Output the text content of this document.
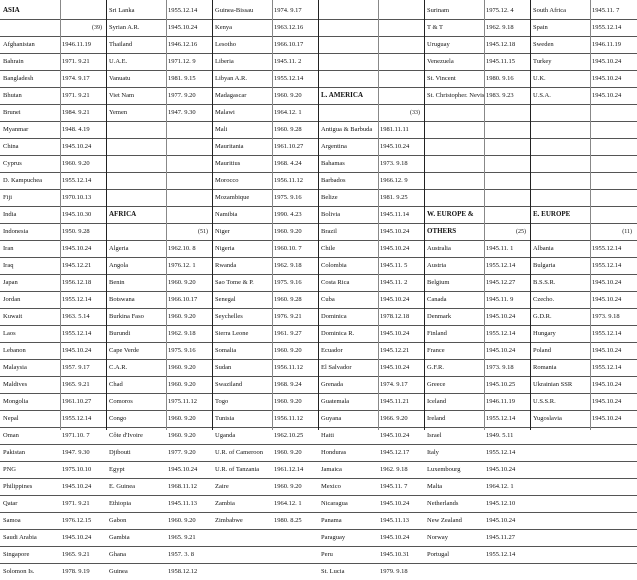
ASIA
(39)
Afghanistan	1946.11.19
Bahrain	1971. 9.21
Bangladesh	1974. 9.17
Bhutan	1971. 9.21
Brunei	1984. 9.21
Myanmar	1948. 4.19
China	1945.10.24
Cyprus	1960. 9.20
D. Kampuchea	1955.12.14
Fiji	1970.10.13
India	1945.10.30
Indonesia	1950. 9.28
Iran	1945.10.24
Iraq	1945.12.21
Japan	1956.12.18
Jordan	1955.12.14
Kuwait	1963. 5.14
Laos	1955.12.14
Lebanon	1945.10.24
Malaysia	1957. 9.17
Maldives	1965. 9.21
Mongolia	1961.10.27
Nepal	1955.12.14
Oman	1971.10. 7
Pakistan	1947. 9.30
PNG	1975.10.10
Philippines	1945.10.24
Qatar	1971. 9.21
Samoa	1976.12.15
Saudi Arabia	1945.10.24
Singapore	1965. 9.21
Solomon Is.	1978. 9.19
Sri Lanka	1955.12.14
Syrian A.R.	1945.10.24
Thailand	1946.12.16
U.A.E.	1971.12. 9
Vanuatu	1981. 9.15
Viet Nam	1977. 9.20
Yemen	1947. 9.30
AFRICA
(51)
Algeria	1962.10. 8
Angola	1976.12. 1
Benin	1960. 9.20
Botswana	1966.10.17
Burkina Faso	1960. 9.20
Burundi	1962. 9.18
Cape Verde	1975. 9.16
C.A.R.	1960. 9.20
Chad	1960. 9.20
Comoros	1975.11.12
Congo	1960. 9.20
Côte d'Ivoire	1960. 9.20
Djibouti	1977. 9.20
Egypt	1945.10.24
E. Guinea	1968.11.12
Ethiopia	1945.11.13
Gabon	1960. 9.20
Gambia	1965. 9.21
Ghana	1957. 3. 8
Guinea	1958.12.12
Guinea-Bissau	1974. 9.17
Kenya	1963.12.16
Lesotho	1966.10.17
Liberia	1945.11. 2
Libyan A.R.	1955.12.14
Madagascar	1960. 9.20
Malawi	1964.12. 1
Mali	1960. 9.28
Mauritania	1961.10.27
Mauritius	1968. 4.24
Morocco	1956.11.12
Mozambique	1975. 9.16
Namibia	1990. 4.23
Niger	1960. 9.20
Nigeria	1960.10. 7
Rwanda	1962. 9.18
Sao Tome & P.	1975. 9.16
Senegal	1960. 9.28
Seychelles	1976. 9.21
Sierra Leone	1961. 9.27
Somalia	1960. 9.20
Sudan	1956.11.12
Swaziland	1968. 9.24
Togo	1960. 9.20
Tunisia	1956.11.12
Uganda	1962.10.25
U.R. of Cameroon 1960. 9.20
U.R. of Tanzania 1961.12.14
Zaire	1960. 9.20
Zambia	1964.12. 1
Zimbabwe	1980. 8.25
L. AMERICA
(33)
Antigua & Barbuda 1981.11.11
Argentina	1945.10.24
Bahamas	1973. 9.18
Barbados	1966.12. 9
Belize	1981. 9.25
Bolivia	1945.11.14
Brazil	1945.10.24
Chile	1945.10.24
Colombia	1945.11. 5
Costa Rica	1945.11. 2
Cuba	1945.10.24
Dominica	1978.12.18
Dominica R.	1945.10.24
Ecuador	1945.12.21
El Salvador	1945.10.24
Grenada	1974. 9.17
Guatemala	1945.11.21
Guyana	1966. 9.20
Haiti	1945.10.24
Honduras	1945.12.17
Jamaica	1962. 9.18
Mexico	1945.11. 7
Nicaragua	1945.10.24
Panama	1945.11.13
Paraguay	1945.10.24
Peru	1945.10.31
St. Lucia	1979. 9.18
Surinam	1975.12. 4
T & T	1962. 9.18
Uruguay	1945.12.18
Venezuela	1945.11.15
St. Vincent	1980. 9.16
St. Christopher. Nevis 1983. 9.23
W. EUROPE &
OTHERS	(25)
Australia	1945.11. 1
Austria	1955.12.14
Belgium	1945.12.27
Canada	1945.11. 9
Denmark	1945.10.24
Finland	1955.12.14
France	1945.10.24
G.F.R.	1973. 9.18
Greece	1945.10.25
Iceland	1946.11.19
Ireland	1955.12.14
Israel	1949. 5.11
Italy	1955.12.14
Luxembourg	1945.10.24
Malta	1964.12. 1
Netherlands	1945.12.10
New Zealand	1945.10.24
Norway	1945.11.27
Portugal	1955.12.14
South Africa	1945.11. 7
Spain	1955.12.14
Sweden	1946.11.19
Turkey	1945.10.24
U.K.	1945.10.24
U.S.A.	1945.10.24
E. EUROPE
(11)
Albania	1955.12.14
Bulgaria	1955.12.14
B.S.S.R.	1945.10.24
Czecho.	1945.10.24
G.D.R.	1973. 9.18
Hungary	1955.12.14
Poland	1945.10.24
Romania	1955.12.14
Ukrainian SSR	1945.10.24
U.S.S.R.	1945.10.24
Yugoslavia	1945.10.24
